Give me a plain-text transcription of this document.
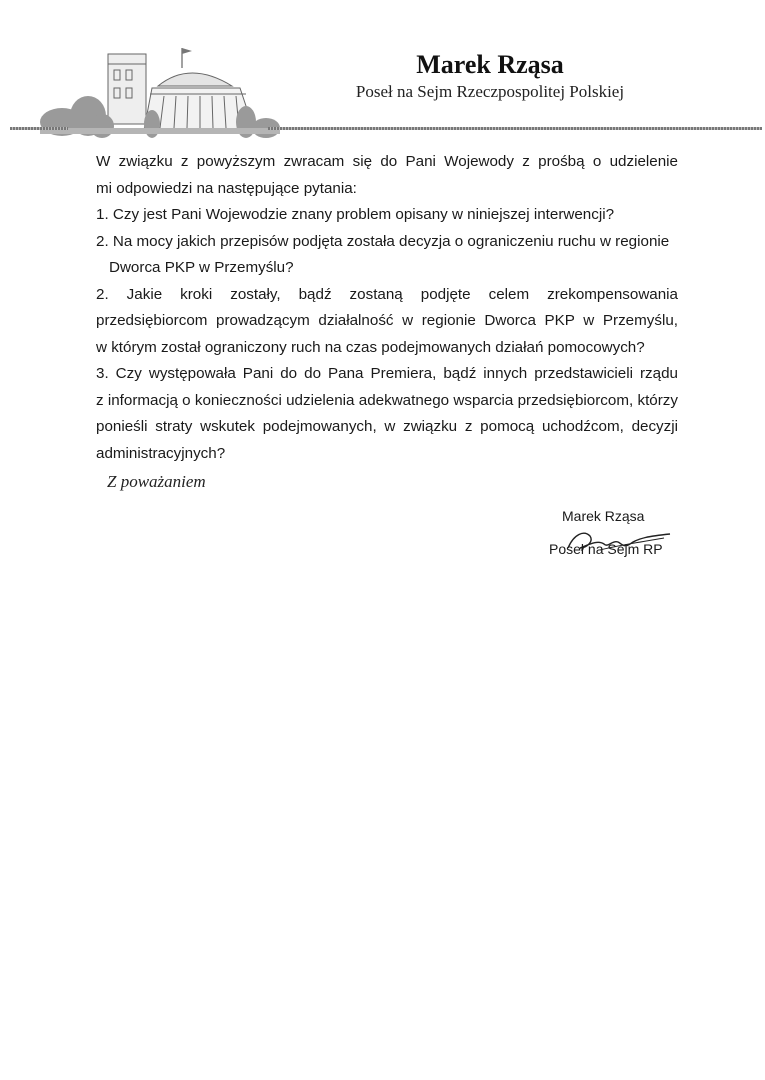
Marek Rząsa
Poseł na Sejm Rzeczpospolitej Polskiej
W związku z powyższym zwracam się do Pani Wojewody z prośbą o udzielenie
mi odpowiedzi na następujące pytania:
1. Czy jest Pani Wojewodzie znany problem opisany w niniejszej interwencji?
2. Na mocy jakich przepisów podjęta została decyzja o ograniczeniu ruchu w regionie
Dworca PKP w Przemyślu?
2. Jakie kroki zostały, bądź zostaną podjęte celem zrekompensowania
przedsiębiorcom prowadzącym działalność w regionie Dworca PKP w Przemyślu,
w którym został ograniczony ruch na czas podejmowanych działań pomocowych?
3. Czy występowała Pani do do Pana Premiera, bądź innych przedstawicieli rządu
z informacją o konieczności udzielenia adekwatnego wsparcia przedsiębiorcom, którzy
ponieśli straty wskutek podejmowanych, w związku z pomocą uchodźcom, decyzji
administracyjnych?
Z poważaniem
Marek Rząsa
Poseł na Sejm RP
